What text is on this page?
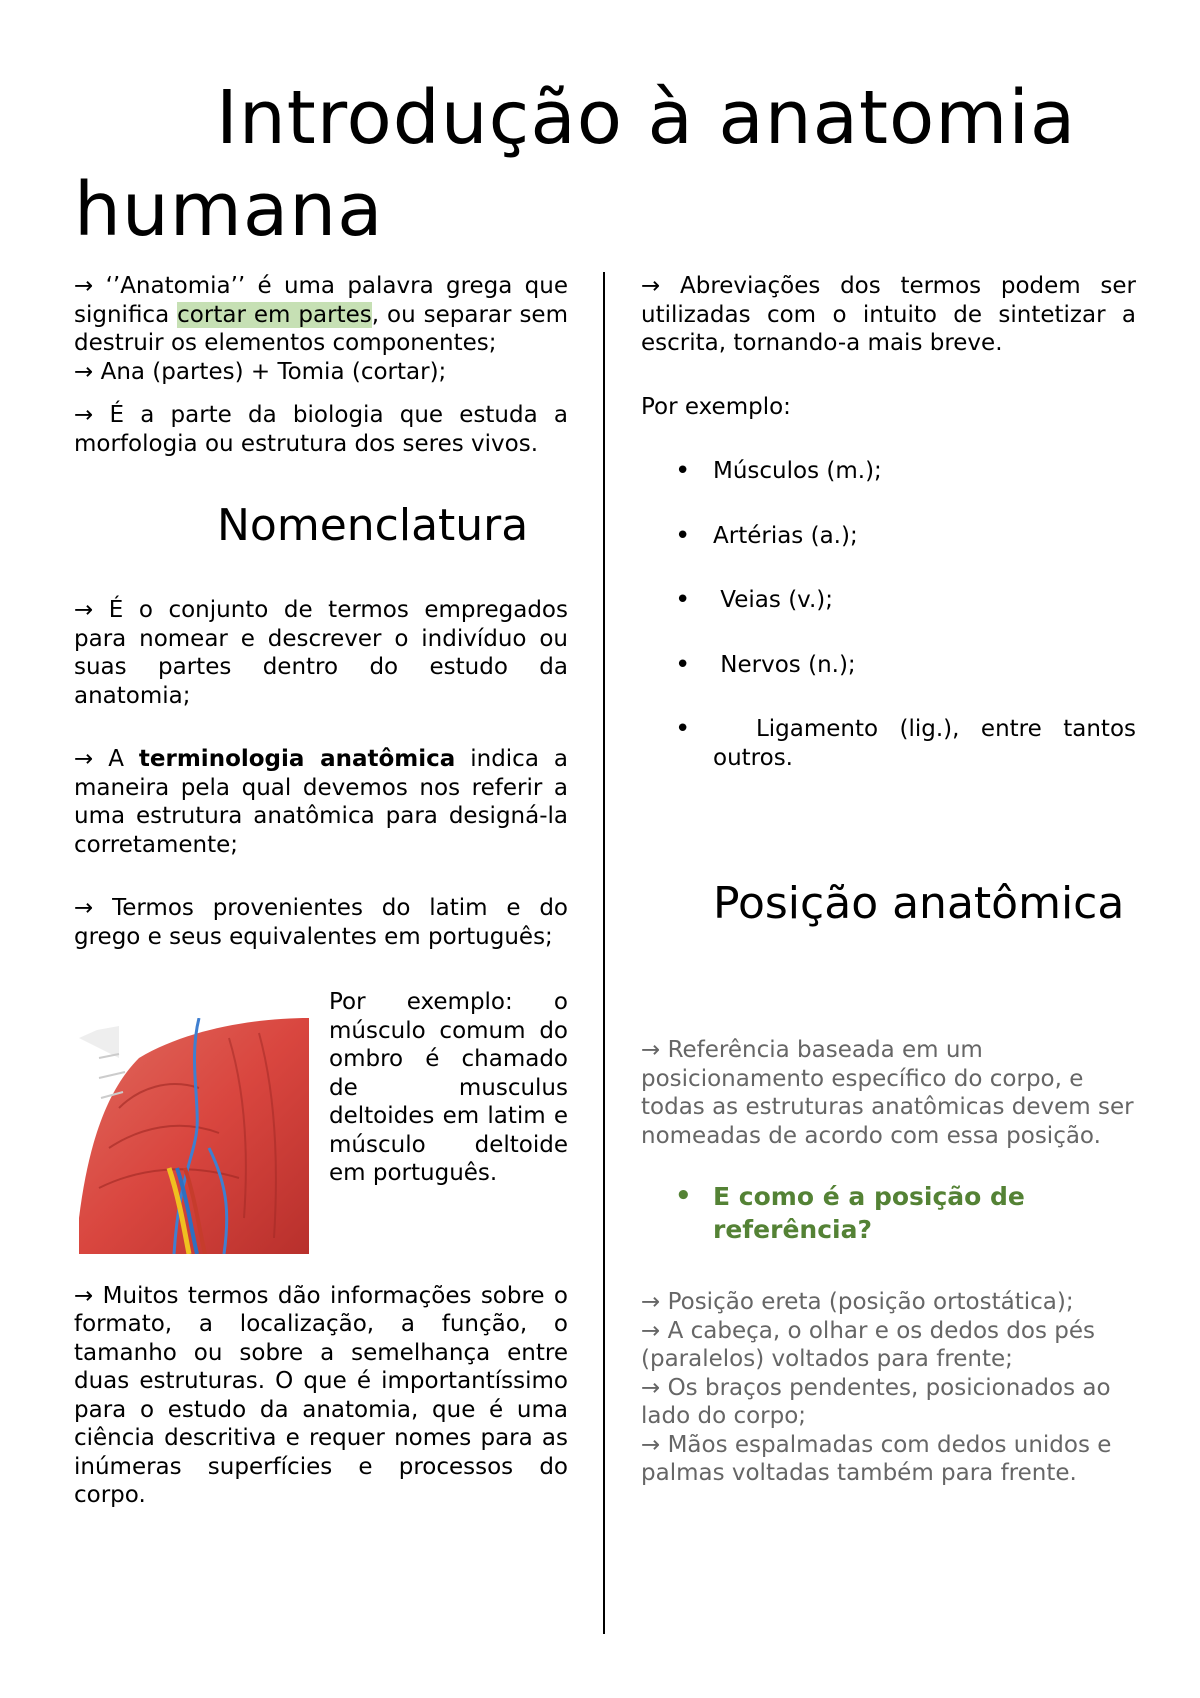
Introdução à anatomia
humana

→ ‘’Anatomia’’ é uma palavra grega que significa cortar em partes, ou separar sem destruir os elementos componentes;

→ Ana (partes) + Tomia (cortar);

→ É a parte da biologia que estuda a morfologia ou estrutura dos seres vivos.

Nomenclatura

→ É o conjunto de termos empregados para nomear e descrever o indivíduo ou suas partes dentro do estudo da anatomia;

→ A terminologia anatômica indica a maneira pela qual devemos nos referir a uma estrutura anatômica para designá-la corretamente;

→ Termos provenientes do latim e do grego e seus equivalentes em português;

Por exemplo: o músculo comum do ombro é chamado de musculus deltoides em latim e músculo deltoide em português.

→ Muitos termos dão informações sobre o formato, a localização, a função, o tamanho ou sobre a semelhança entre duas estruturas. O que é importantíssimo para o estudo da anatomia, que é uma ciência descritiva e requer nomes para as inúmeras superfícies e processos do corpo.

→ Abreviações dos termos podem ser utilizadas com o intuito de sintetizar a escrita, tornando-a mais breve.

Por exemplo:

• Músculos (m.);
• Artérias (a.);
•  Veias (v.);
•  Nervos (n.);
•   Ligamento (lig.), entre tantos outros.
Posição anatômica

→ Referência baseada em um posicionamento específico do corpo, e todas as estruturas anatômicas devem ser nomeadas de acordo com essa posição.

• E como é a posição de referência?

→ Posição ereta (posição ortostática);

→ A cabeça, o olhar e os dedos dos pés (paralelos) voltados para frente;

→ Os braços pendentes, posicionados ao lado do corpo;

→ Mãos espalmadas com dedos unidos e palmas voltadas também para frente.
